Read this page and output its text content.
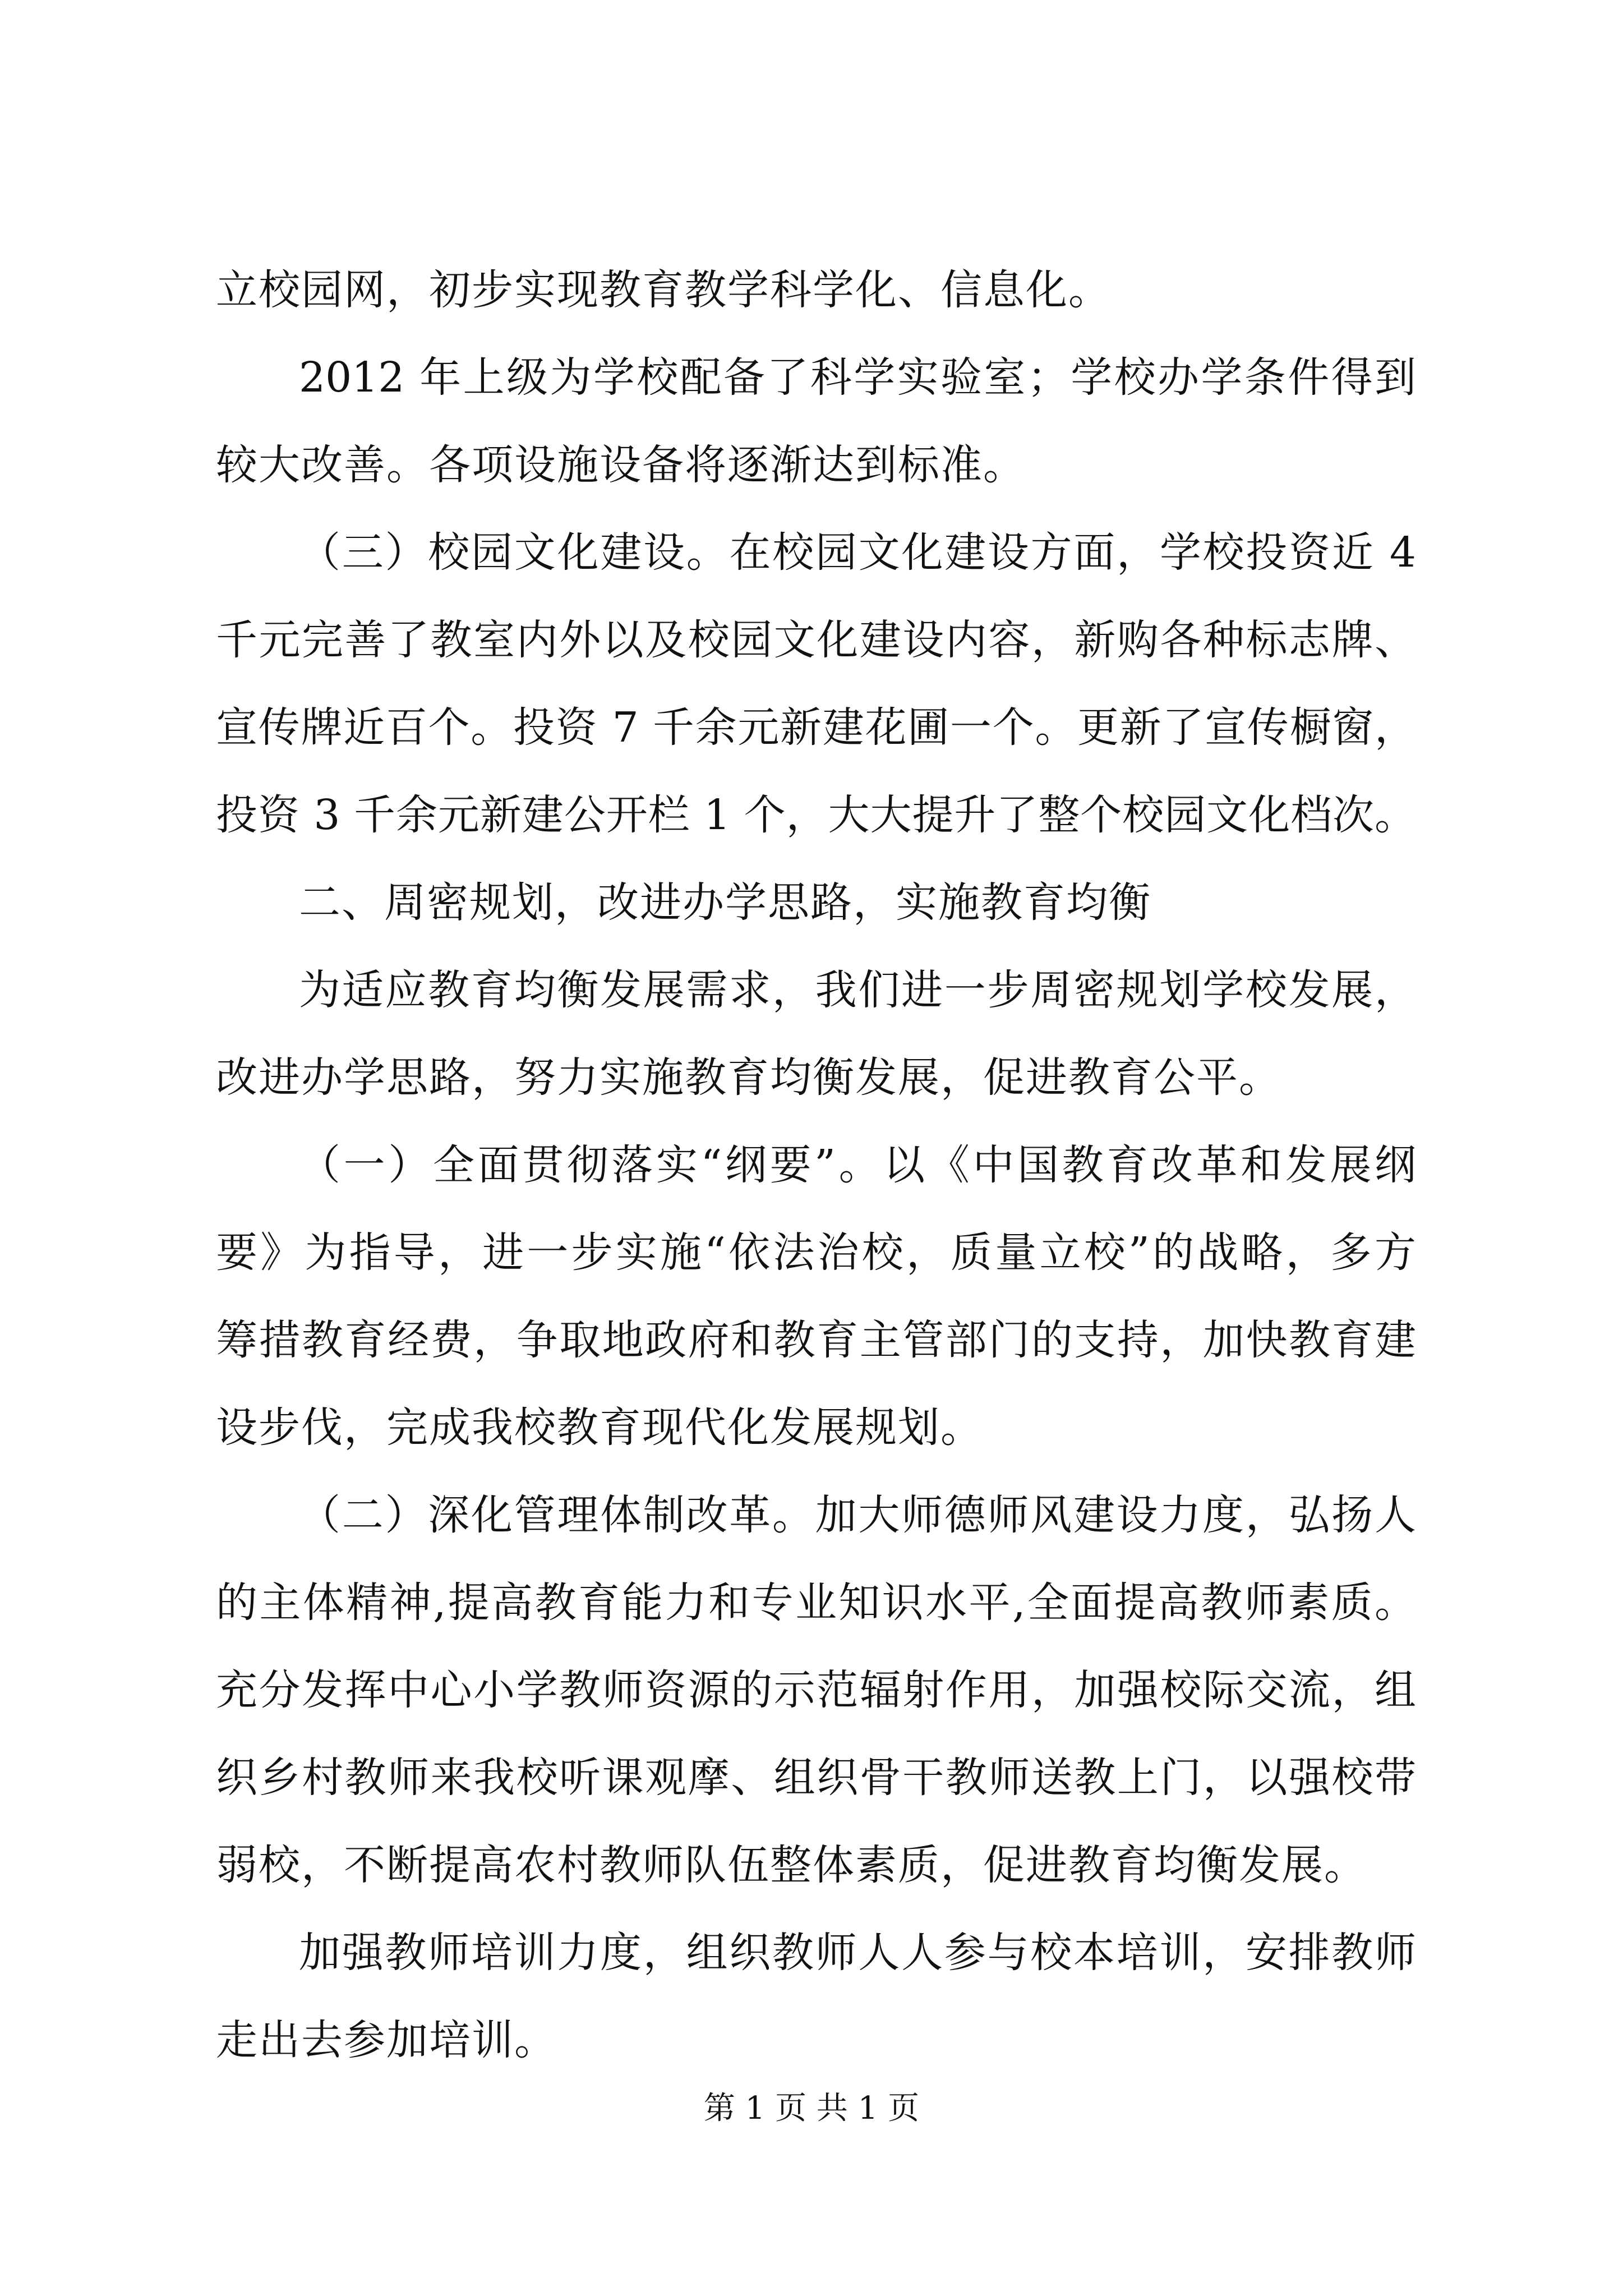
立校园网，初步实现教育教学科学化、信息化。
2012 年上级为学校配备了科学实验室；学校办学条件得到
较大改善。各项设施设备将逐渐达到标准。
（三）校园文化建设。在校园文化建设方面，学校投资近 4
千元完善了教室内外以及校园文化建设内容，新购各种标志牌、
宣传牌近百个。投资 7 千余元新建花圃一个。更新了宣传橱窗，
投资 3 千余元新建公开栏 1 个，大大提升了整个校园文化档次。
二、周密规划，改进办学思路，实施教育均衡
为适应教育均衡发展需求，我们进一步周密规划学校发展，
改进办学思路，努力实施教育均衡发展，促进教育公平。
（一）全面贯彻落实“纲要”。以《中国教育改革和发展纲
要》为指导，进一步实施“依法治校，质量立校”的战略，多方
筹措教育经费，争取地政府和教育主管部门的支持，加快教育建
设步伐，完成我校教育现代化发展规划。
（二）深化管理体制改革。加大师德师风建设力度，弘扬人
的主体精神,提高教育能力和专业知识水平,全面提高教师素质。
充分发挥中心小学教师资源的示范辐射作用，加强校际交流，组
织乡村教师来我校听课观摩、组织骨干教师送教上门，以强校带
弱校，不断提高农村教师队伍整体素质，促进教育均衡发展。
加强教师培训力度，组织教师人人参与校本培训，安排教师
走出去参加培训。
第 1 页 共 1 页
